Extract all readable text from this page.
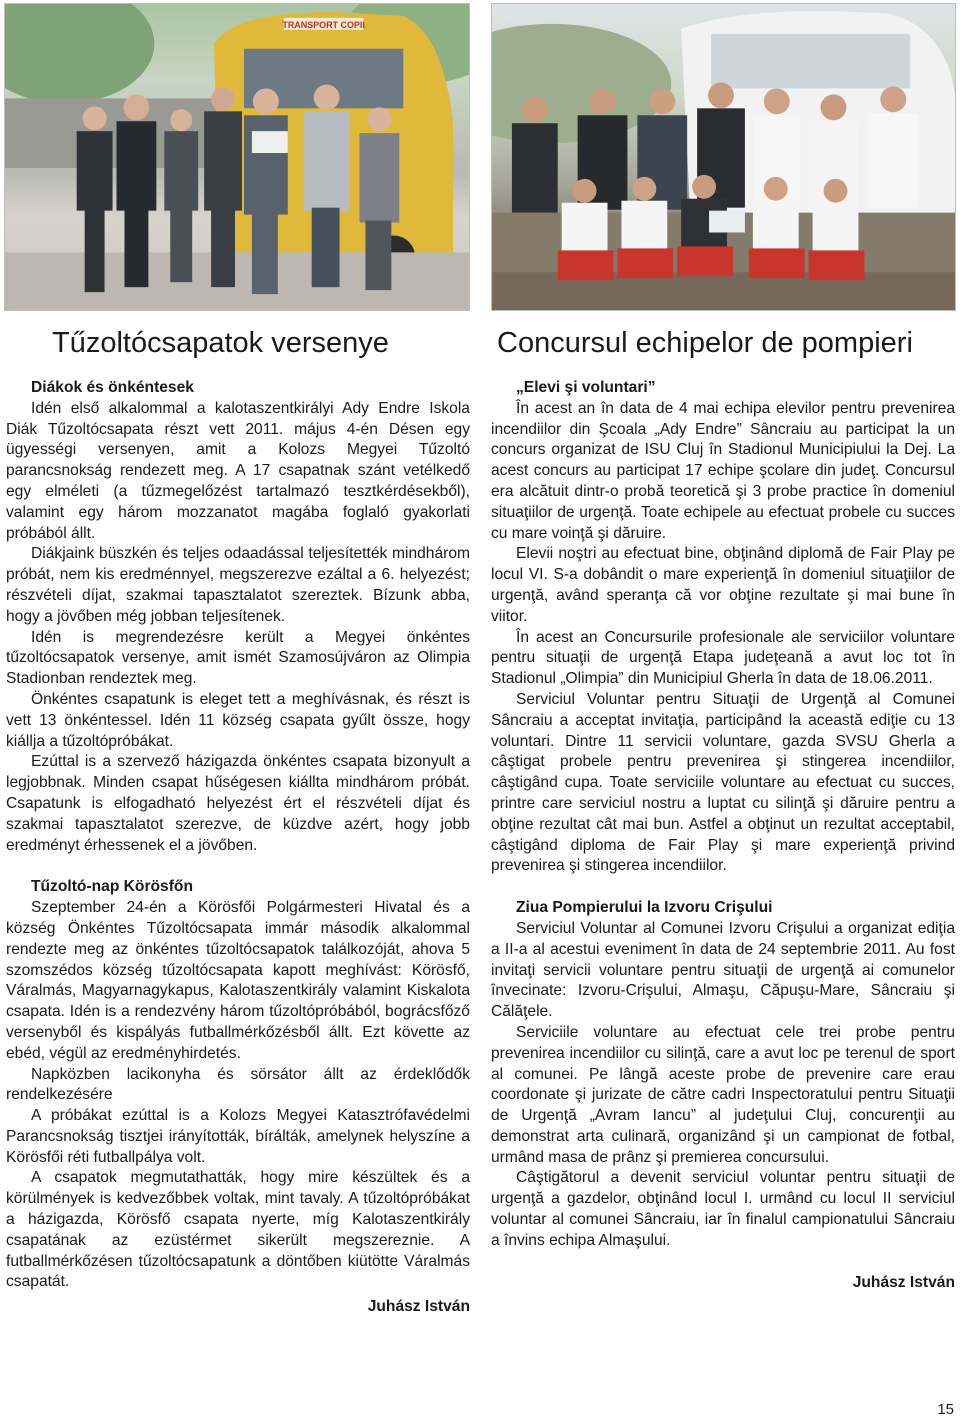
TRANSPORT COPII
Tűzoltócsapatok versenye	Concursul echipelor de pompieri

Diákok és önkéntesek

Idén első alkalommal a kalotaszentkirályi Ady Endre Iskola Diák Tűzoltócsapata részt vett 2011. május 4-én Désen egy ügyességi versenyen, amit a Kolozs Megyei Tűzoltó parancsnokság rendezett meg. A 17 csapatnak szánt vetélkedő egy elméleti (a tűzmegelőzést tartalmazó tesztkérdésekből), valamint egy három mozzanatot magába foglaló gyakorlati próbából állt.

Diákjaink büszkén és teljes odaadással teljesítették mindhárom próbát, nem kis eredménnyel, megszerezve ezáltal a 6. helyezést; részvételi díjat, szakmai tapasztalatot szereztek. Bízunk abba, hogy a jövőben még jobban teljesítenek.

Idén is megrendezésre került a Megyei önkéntes tűzoltócsapatok versenye, amit ismét Szamosújváron az Olimpia Stadionban rendeztek meg.

Önkéntes csapatunk is eleget tett a meghívásnak, és részt is vett 13 önkéntessel. Idén 11 község csapata gyűlt össze, hogy kiállja a tűzoltópróbákat.

Ezúttal is a szervező házigazda önkéntes csapata bizonyult a legjobbnak. Minden csapat hűségesen kiállta mindhárom próbát. Csapatunk is elfogadható helyezést ért el részvételi díjat és szakmai tapasztalatot szerezve, de küzdve azért, hogy jobb eredményt érhessenek el a jövőben.

Tűzoltó-nap Körösfőn

Szeptember 24-én a Körösfői Polgármesteri Hivatal és a község Önkéntes Tűzoltócsapata immár második alkalommal rendezte meg az önkéntes tűzoltócsapatok találkozóját, ahova 5 szomszédos község tűzoltócsapata kapott meghívást: Körösfő, Váralmás, Magyarnagykapus, Kalotaszentkirály valamint Kiskalota csapata. Idén is a rendezvény három tűzoltópróbából, bográcsfőző versenyből és kispályás futballmérkőzésből állt. Ezt követte az ebéd, végül az eredményhirdetés.

Napközben lacikonyha és sörsátor állt az érdeklődők rendelkezésére

A próbákat ezúttal is a Kolozs Megyei Katasztrófavédelmi Parancsnokság tisztjei irányították, bírálták, amelynek helyszíne a Körösfői réti futballpálya volt.

A csapatok megmutathatták, hogy mire készültek és a körülmények is kedvezőbbek voltak, mint tavaly. A tűzoltópróbákat a házigazda, Körösfő csapata nyerte, míg Kalotaszentkirály csapatának az ezüstérmet sikerült megszereznie. A futballmérkőzésen tűzoltócsapatunk a döntőben kiütötte Váralmás csapatát.

Juhász István

„Elevi şi voluntari”

În acest an în data de 4 mai echipa elevilor pentru prevenirea incendiilor din Şcoala „Ady Endre” Sâncraiu au participat la un concurs organizat de ISU Cluj în Stadionul Municipiului la Dej. La acest concurs au participat 17 echipe şcolare din judeţ. Concursul era alcătuit dintr-o probă teoretică şi 3 probe practice în domeniul situaţiilor de urgenţă. Toate echipele au efectuat probele cu succes cu mare voinţă şi dăruire.

Elevii noştri au efectuat bine, obţinând diplomă de Fair Play pe locul VI. S-a dobândit o mare experienţă în domeniul situaţiilor de urgenţă, având speranţa că vor obţine rezultate şi mai bune în viitor.

În acest an Concursurile profesionale ale serviciilor voluntare pentru situaţii de urgenţă Etapa judeţeană a avut loc tot în Stadionul „Olimpia” din Municipiul Gherla în data de 18.06.2011.

Serviciul Voluntar pentru Situaţii de Urgenţă al Comunei Sâncraiu a acceptat invitaţia, participând la această ediţie cu 13 voluntari. Dintre 11 servicii voluntare, gazda SVSU Gherla a câştigat probele pentru prevenirea şi stingerea incendiilor, câştigând cupa. Toate serviciile voluntare au efectuat cu succes, printre care serviciul nostru a luptat cu silinţă şi dăruire pentru a obţine rezultat cât mai bun. Astfel a obţinut un rezultat acceptabil, câştigând diploma de Fair Play şi mare experienţă privind prevenirea şi stingerea incendiilor.

Ziua Pompierului la Izvoru Crişului

Serviciul Voluntar al Comunei Izvoru Crişului a organizat ediţia a II-a al acestui eveniment în data de 24 septembrie 2011. Au fost invitaţi servicii voluntare pentru situaţii de urgenţă ai comunelor învecinate: Izvoru-Crişului, Almaşu, Căpuşu-Mare, Sâncraiu şi Călăţele.

Serviciile voluntare au efectuat cele trei probe pentru prevenirea incendiilor cu silinţă, care a avut loc pe terenul de sport al comunei. Pe lângă aceste probe de prevenire care erau coordonate şi jurizate de către cadri Inspectoratului pentru Situaţii de Urgenţă „Avram Iancu” al judeţului Cluj, concurenţii au demonstrat arta culinară, organizând şi un campionat de fotbal, urmând masa de prânz şi premierea concursului.

Câştigătorul a devenit serviciul voluntar pentru situaţii de urgenţă a gazdelor, obţinând locul I. urmând cu locul II serviciul voluntar al comunei Sâncraiu, iar în finalul campionatului Sâncraiu a învins echipa Almaşului.

Juhász István

15
